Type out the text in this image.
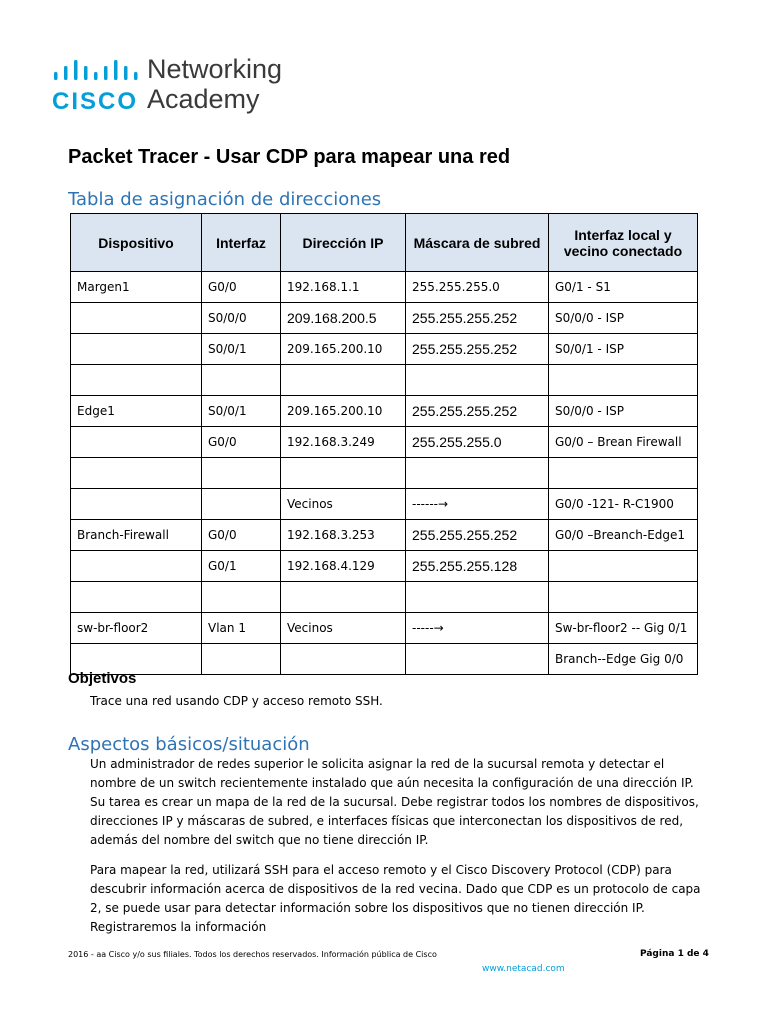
CISCO
Networking
Academy
Packet Tracer - Usar CDP para mapear una red
Tabla de asignación de direcciones
Dispositivo	Interfaz	Dirección IP	Máscara de subred	Interfaz local y vecino conectado
Margen1	G0/0	192.168.1.1	255.255.255.0	G0/1 - S1
	S0/0/0	209.168.200.5	255.255.255.252	S0/0/0 - ISP
	S0/0/1	209.165.200.10	255.255.255.252	S0/0/1 - ISP

Edge1	S0/0/1	209.165.200.10	255.255.255.252	S0/0/0 - ISP
	G0/0	192.168.3.249	255.255.255.0	G0/0 – Brean Firewall

		Vecinos	------→	G0/0 -121- R-C1900
Branch-Firewall	G0/0	192.168.3.253	255.255.255.252	G0/0 –Breanch-Edge1
	G0/1	192.168.4.129	255.255.255.128	

sw-br-floor2	Vlan 1	Vecinos	-----→	Sw-br-floor2 -- Gig 0/1
				Branch--Edge Gig 0/0
Objetivos
Trace una red usando CDP y acceso remoto SSH.
Aspectos básicos/situación
Un administrador de redes superior le solicita asignar la red de la sucursal remota y detectar el nombre de un switch recientemente instalado que aún necesita la configuración de una dirección IP. Su tarea es crear un mapa de la red de la sucursal. Debe registrar todos los nombres de dispositivos, direcciones IP y máscaras de subred, e interfaces físicas que interconectan los dispositivos de red, además del nombre del switch que no tiene dirección IP.
Para mapear la red, utilizará SSH para el acceso remoto y el Cisco Discovery Protocol (CDP) para descubrir información acerca de dispositivos de la red vecina. Dado que CDP es un protocolo de capa 2, se puede usar para detectar información sobre los dispositivos que no tienen dirección IP. Registraremos la información
2016 - aa Cisco y/o sus filiales. Todos los derechos reservados. Información pública de Cisco	Página 1 de 4
www.netacad.com
